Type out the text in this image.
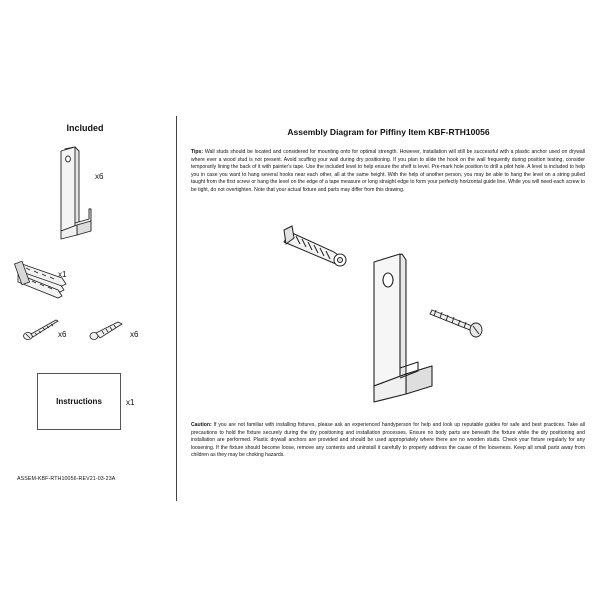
Included
x6
x1
x6	x6
Instructions	x1
ASSEM-KBF-RTH10056-REV21-03-23A
Assembly Diagram for Piffiny Item KBF-RTH10056
Tips: Wall studs should be located and considered for mounting onto for optimal strength. However, installation will still be successful with a plastic anchor used on drywall where ever a wood stud is not present. Avoid scuffing your wall during dry positioning. If you plan to slide the hook on the wall frequently during position testing, consider temporarily lining the back of it with painter's tape. Use the included level to help ensure the shelf is level. Pre-mark hole position to drill a pilot hole. A level is included to help you in case you want to hang several hooks near each other, all at the same height. With the help of another person, you may be able to hang the level on a string pulled taught from the first screw or hang the level on the edge of a tape measure or long straight edge to form your perfectly horizontal guide line. While you will need each screw to be tight, do not overtighten. Note that your actual fixture and parts may differ from this drawing.
Caution: If you are not familiar with installing fixtures, please ask an experienced handyperson for help and look up reputable guides for safe and best practices. Take all precautions to hold the fixture securely during the dry positioning and installation processes. Ensure no body parts are beneath the fixture while the dry positioning and installation are performed. Plastic drywall anchors are provided and should be used appropriately where there are no wooden studs. Check your fixture regularly for any loosening. If the fixture should become loose, remove any contents and uninstall it carefully to properly address the cause of the looseness. Keep all small parts away from children as they may be choking hazards.
